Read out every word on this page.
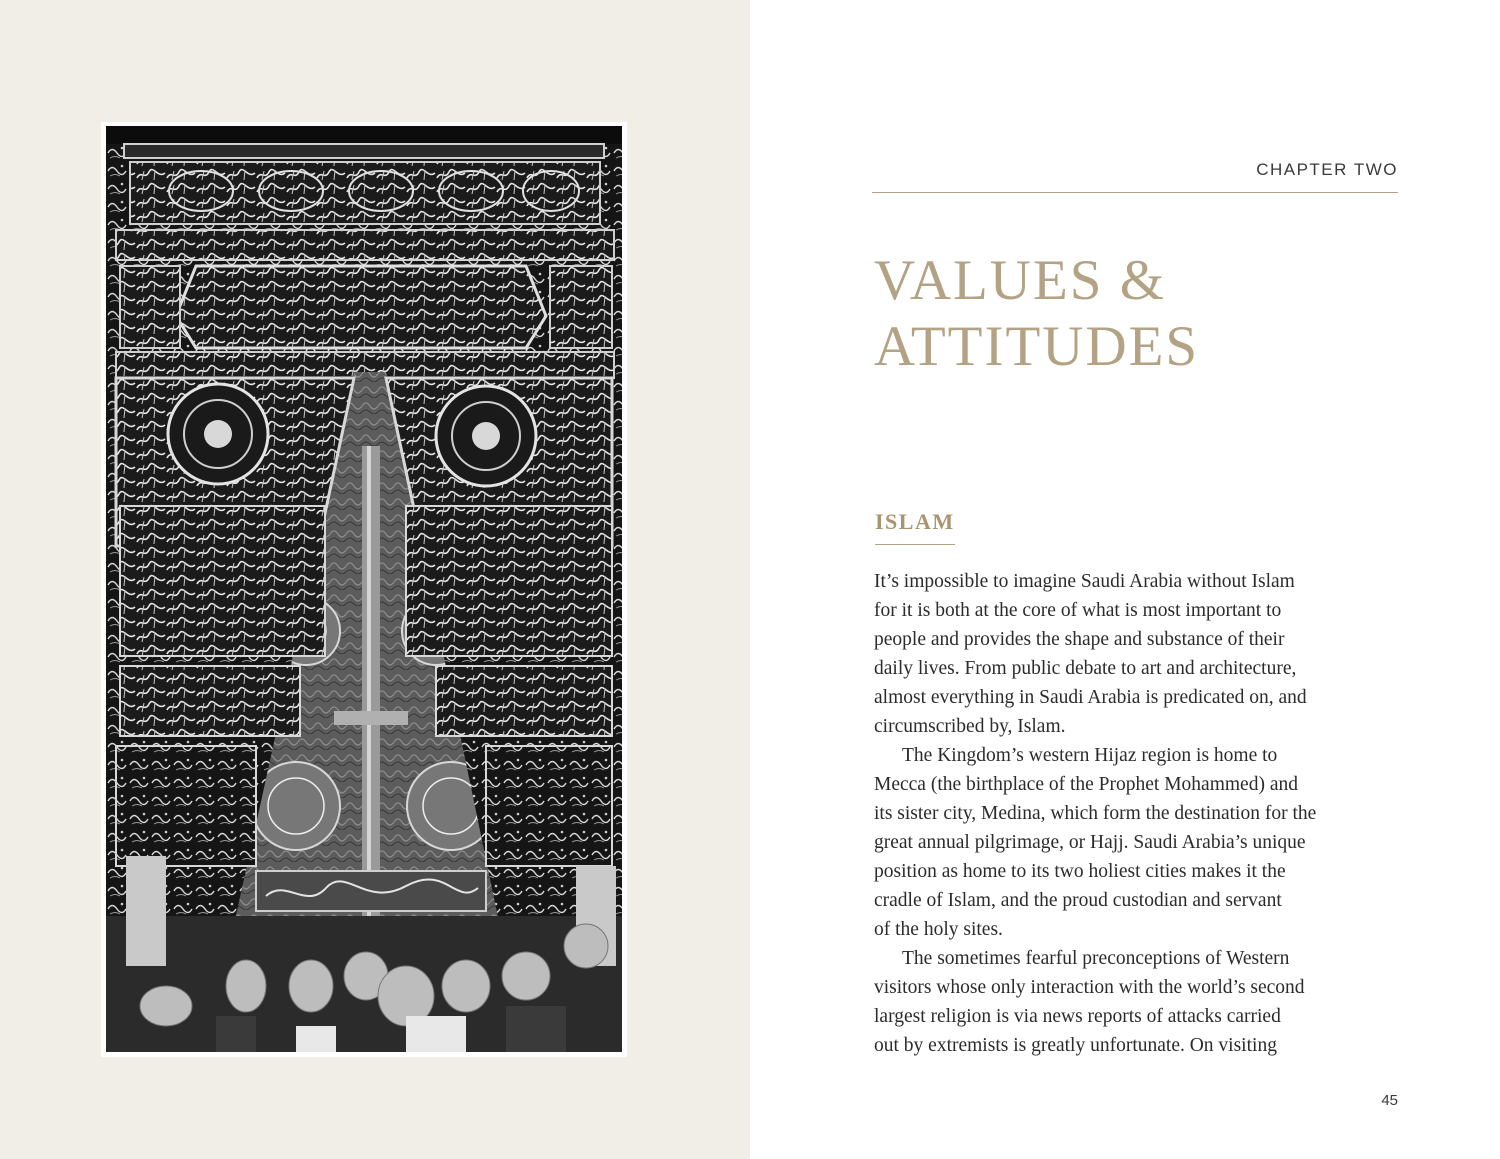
CHAPTER TWO
VALUES &
ATTITUDES
ISLAM

It’s impossible to imagine Saudi Arabia without Islam
for it is both at the core of what is most important to
people and provides the shape and substance of their
daily lives. From public debate to art and architecture,
almost everything in Saudi Arabia is predicated on, and
circumscribed by, Islam.

The Kingdom’s western Hijaz region is home to
Mecca (the birthplace of the Prophet Mohammed) and
its sister city, Medina, which form the destination for the
great annual pilgrimage, or Hajj. Saudi Arabia’s unique
position as home to its two holiest cities makes it the
cradle of Islam, and the proud custodian and servant
of the holy sites.

The sometimes fearful preconceptions of Western
visitors whose only interaction with the world’s second
largest religion is via news reports of attacks carried
out by extremists is greatly unfortunate. On visiting

45
